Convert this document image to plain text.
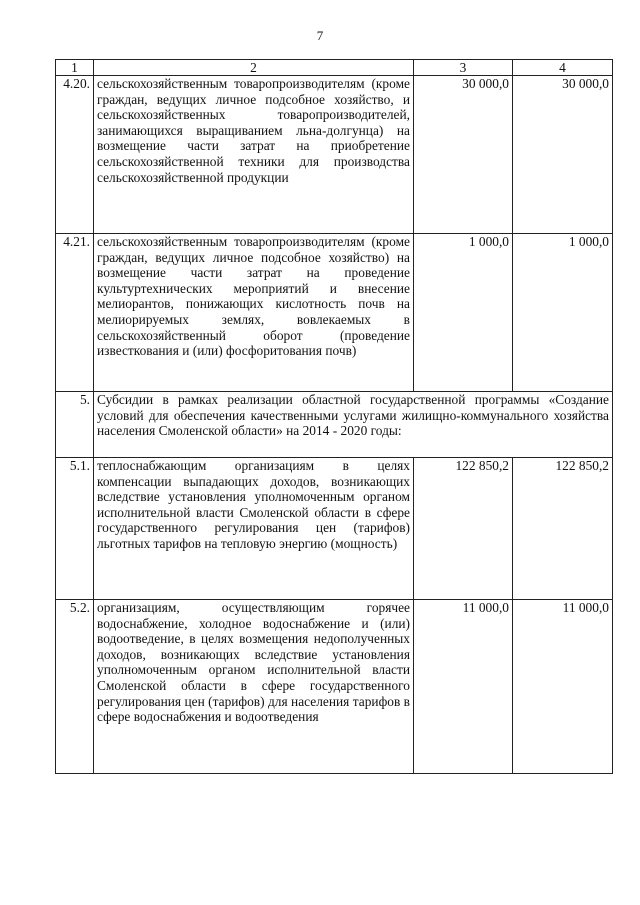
7
1	2	3	4
4.20.	сельскохозяйственным товаропроизводителям (кроме граждан, ведущих личное подсобное хозяйство, и сельскохозяйственных товаропроизводителей, занимающихся выращиванием льна-долгунца) на возмещение части затрат на приобретение сельскохозяйственной техники для производства сельскохозяйственной продукции	30 000,0	30 000,0
4.21.	сельскохозяйственным товаропроизводителям (кроме граждан, ведущих личное подсобное хозяйство) на возмещение части затрат на проведение культуртехнических мероприятий и внесение мелиорантов, понижающих кислотность почв на мелиорируемых землях, вовлекаемых в сельскохозяйственный оборот (проведение известкования и (или) фосфоритования почв)	1 000,0	1 000,0
5.	Субсидии в рамках реализации областной государственной программы «Создание условий для обеспечения качественными услугами жилищно-коммунального хозяйства населения Смоленской области» на 2014 - 2020 годы:		
5.1.	теплоснабжающим организациям в целях компенсации выпадающих доходов, возникающих вследствие установления уполномоченным органом исполнительной власти Смоленской области в сфере государственного регулирования цен (тарифов) льготных тарифов на тепловую энергию (мощность)	122 850,2	122 850,2
5.2.	организациям, осуществляющим горячее водоснабжение, холодное водоснабжение и (или) водоотведение, в целях возмещения недополученных доходов, возникающих вследствие установления уполномоченным органом исполнительной власти Смоленской области в сфере государственного регулирования цен (тарифов) для населения тарифов в сфере водоснабжения и водоотведения	11 000,0	11 000,0
